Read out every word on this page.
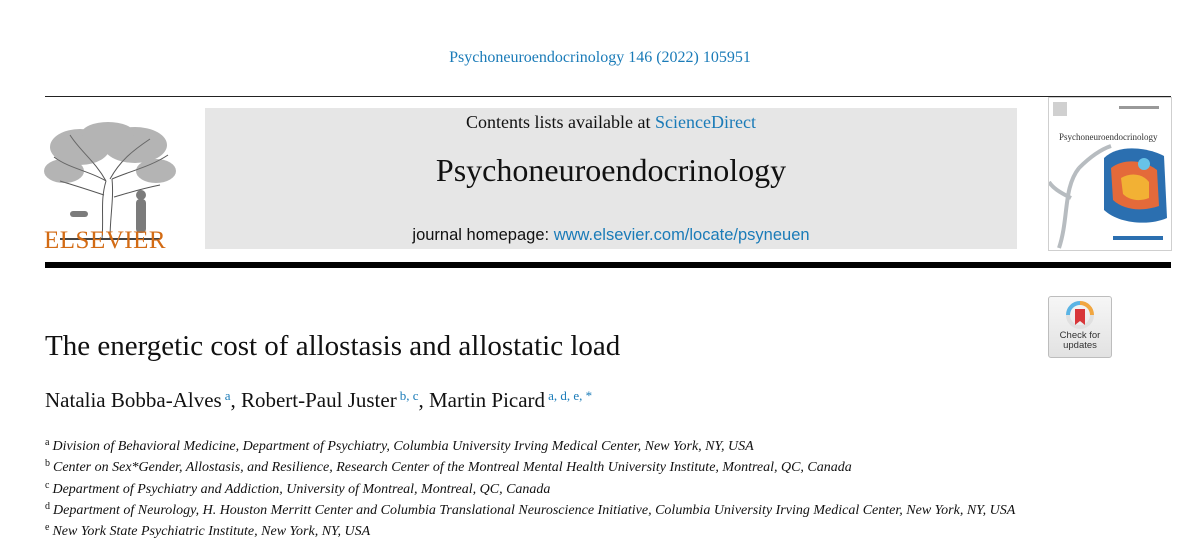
Psychoneuroendocrinology 146 (2022) 105951
ELSEVIER
Contents lists available at ScienceDirect
Psychoneuroendocrinology
journal homepage: www.elsevier.com/locate/psyneuen
Psychoneuroendocrinology
Check for
updates
The energetic cost of allostasis and allostatic load
Natalia Bobba-Alves $^a$, Robert-Paul Juster $^{b, c}$, Martin Picard $^{a, d, e, *}$
$^a$ Division of Behavioral Medicine, Department of Psychiatry, Columbia University Irving Medical Center, New York, NY, USA
$^b$ Center on Sex*Gender, Allostasis, and Resilience, Research Center of the Montreal Mental Health University Institute, Montreal, QC, Canada
$^c$ Department of Psychiatry and Addiction, University of Montreal, Montreal, QC, Canada
$^d$ Department of Neurology, H. Houston Merritt Center and Columbia Translational Neuroscience Initiative, Columbia University Irving Medical Center, New York, NY, USA
$^e$ New York State Psychiatric Institute, New York, NY, USA
